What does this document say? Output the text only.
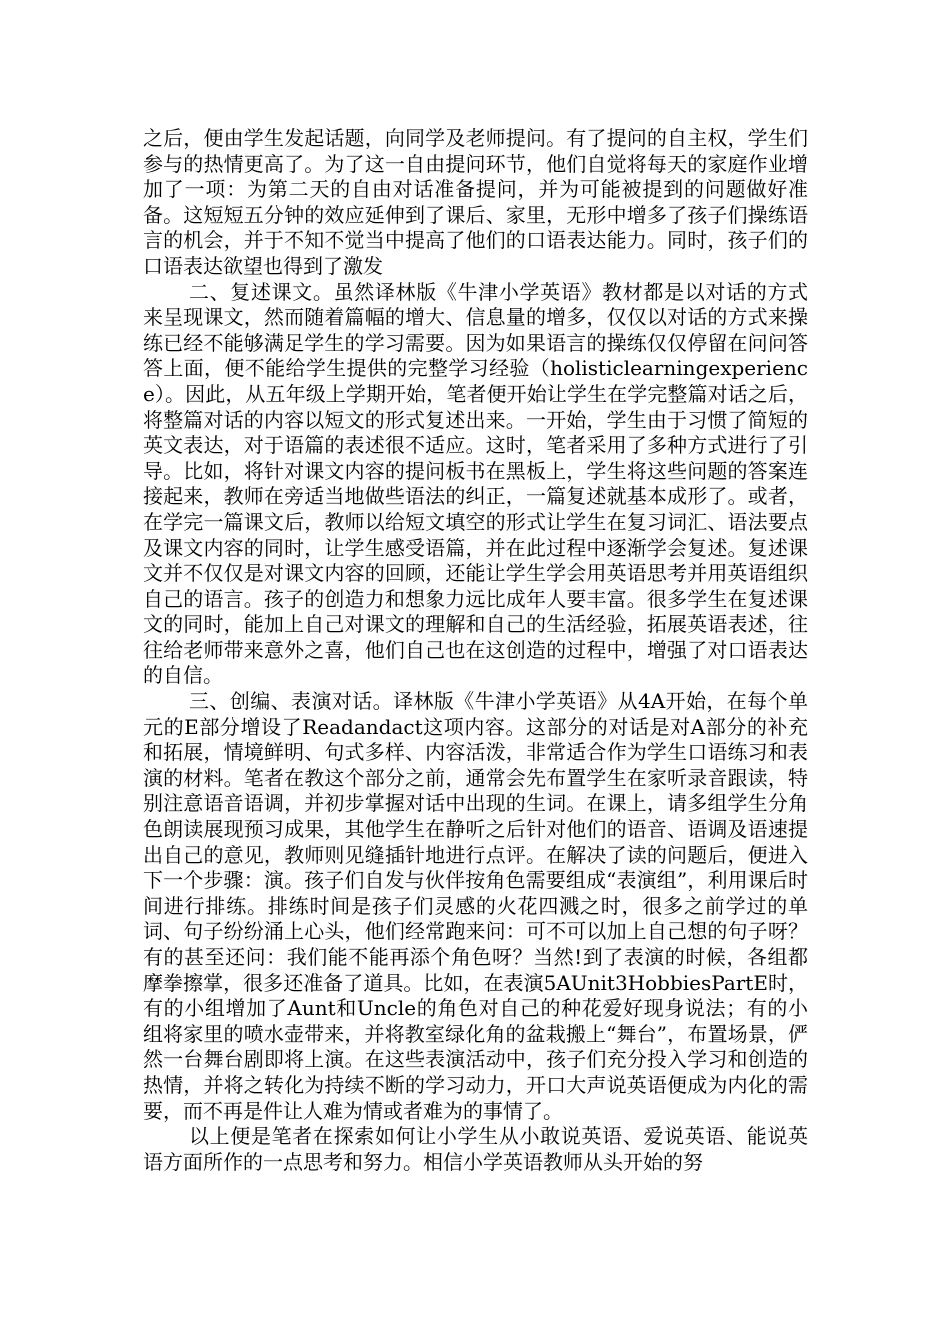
之后，便由学生发起话题，向同学及老师提问。有了提问的自主权，学生们参与的热情更高了。为了这一自由提问环节，他们自觉将每天的家庭作业增加了一项：为第二天的自由对话准备提问，并为可能被提到的问题做好准备。这短短五分钟的效应延伸到了课后、家里，无形中增多了孩子们操练语言的机会，并于不知不觉当中提高了他们的口语表达能力。同时，孩子们的口语表达欲望也得到了激发

二、复述课文。虽然译林版《牛津小学英语》教材都是以对话的方式来呈现课文，然而随着篇幅的增大、信息量的增多，仅仅以对话的方式来操练已经不能够满足学生的学习需要。因为如果语言的操练仅仅停留在问问答答上面，便不能给学生提供的完整学习经验（holisticlearningexperience）。因此，从五年级上学期开始，笔者便开始让学生在学完整篇对话之后，将整篇对话的内容以短文的形式复述出来。一开始，学生由于习惯了简短的英文表达，对于语篇的表述很不适应。这时，笔者采用了多种方式进行了引导。比如，将针对课文内容的提问板书在黑板上，学生将这些问题的答案连接起来，教师在旁适当地做些语法的纠正，一篇复述就基本成形了。或者，在学完一篇课文后，教师以给短文填空的形式让学生在复习词汇、语法要点及课文内容的同时，让学生感受语篇，并在此过程中逐渐学会复述。复述课文并不仅仅是对课文内容的回顾，还能让学生学会用英语思考并用英语组织自己的语言。孩子的创造力和想象力远比成年人要丰富。很多学生在复述课文的同时，能加上自己对课文的理解和自己的生活经验，拓展英语表述，往往给老师带来意外之喜，他们自己也在这创造的过程中，增强了对口语表达的自信。

三、创编、表演对话。译林版《牛津小学英语》从4A开始，在每个单元的E部分增设了Readandact这项内容。这部分的对话是对A部分的补充和拓展，情境鲜明、句式多样、内容活泼，非常适合作为学生口语练习和表演的材料。笔者在教这个部分之前，通常会先布置学生在家听录音跟读，特别注意语音语调，并初步掌握对话中出现的生词。在课上，请多组学生分角色朗读展现预习成果，其他学生在静听之后针对他们的语音、语调及语速提出自己的意见，教师则见缝插针地进行点评。在解决了读的问题后，便进入下一个步骤：演。孩子们自发与伙伴按角色需要组成“表演组”，利用课后时间进行排练。排练时间是孩子们灵感的火花四溅之时，很多之前学过的单词、句子纷纷涌上心头，他们经常跑来问：可不可以加上自己想的句子呀？有的甚至还问：我们能不能再添个角色呀？当然!到了表演的时候，各组都摩拳擦掌，很多还准备了道具。比如，在表演5AUnit3HobbiesPartE时，有的小组增加了Aunt和Uncle的角色对自己的种花爱好现身说法；有的小组将家里的喷水壶带来，并将教室绿化角的盆栽搬上“舞台”，布置场景，俨然一台舞台剧即将上演。在这些表演活动中，孩子们充分投入学习和创造的热情，并将之转化为持续不断的学习动力，开口大声说英语便成为内化的需要，而不再是件让人难为情或者难为的事情了。

以上便是笔者在探索如何让小学生从小敢说英语、爱说英语、能说英语方面所作的一点思考和努力。相信小学英语教师从头开始的努
